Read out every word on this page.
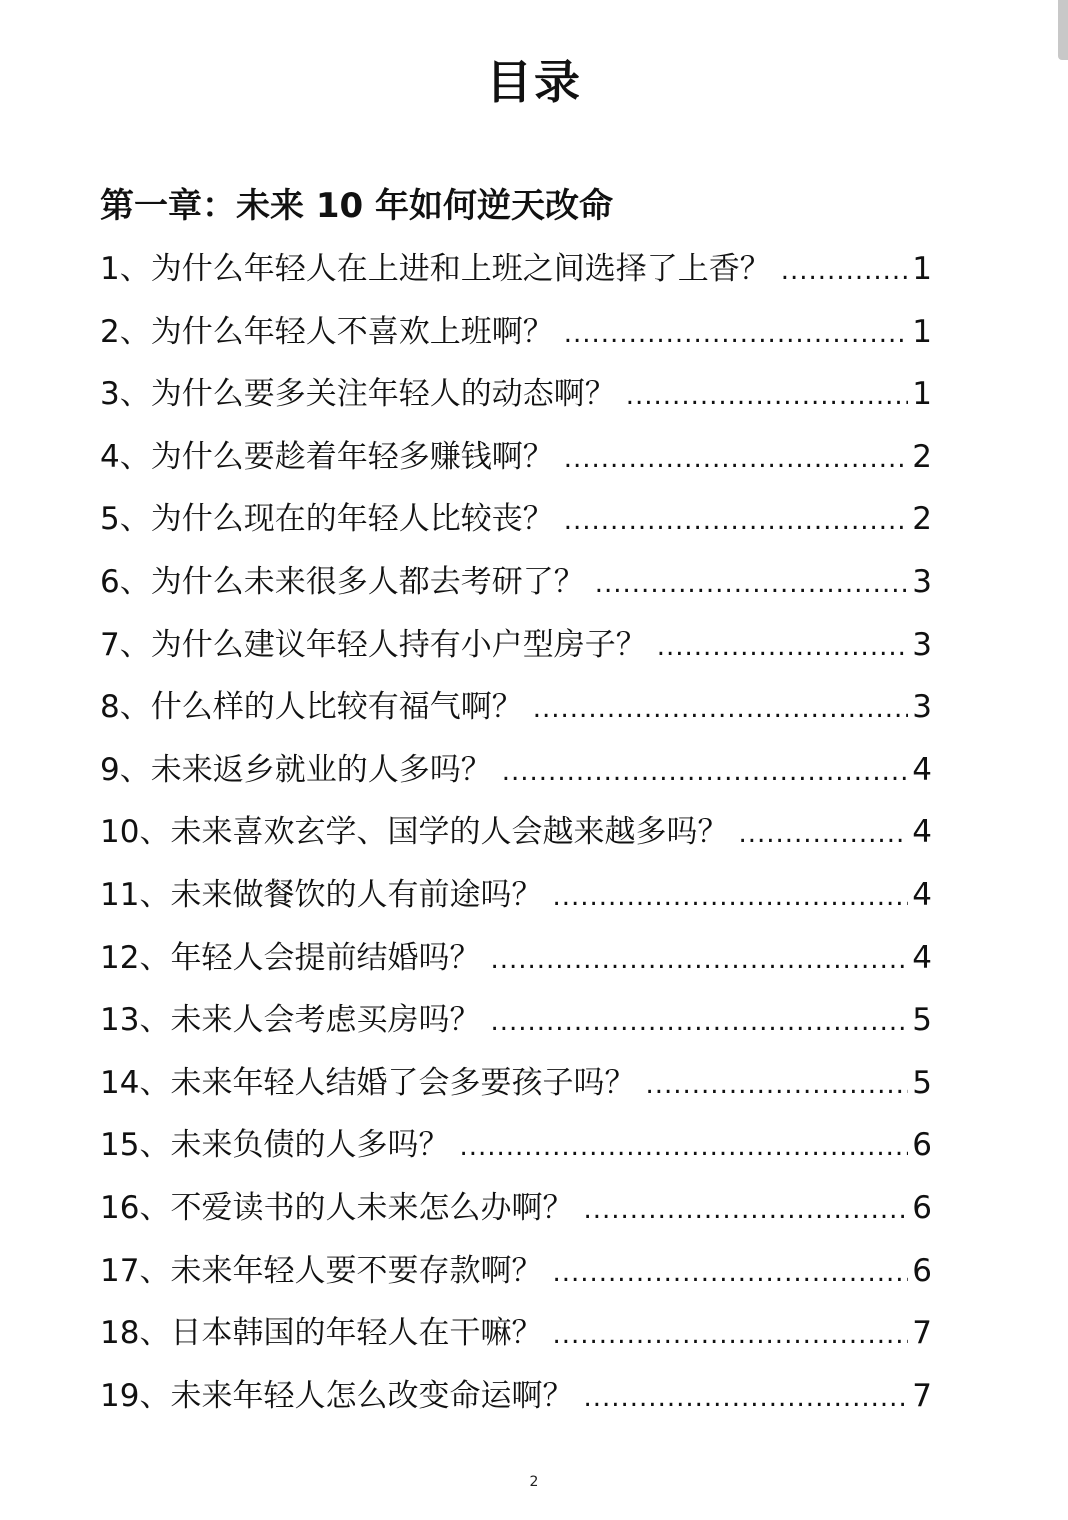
目录
第一章：未来 10 年如何逆天改命
1、为什么年轻人在上进和上班之间选择了上香？ .....	1
2、为什么年轻人不喜欢上班啊？ .....	1
3、为什么要多关注年轻人的动态啊？ .....	1
4、为什么要趁着年轻多赚钱啊？ .....	2
5、为什么现在的年轻人比较丧？ .....	2
6、为什么未来很多人都去考研了？ .....	3
7、为什么建议年轻人持有小户型房子？ .....	3
8、什么样的人比较有福气啊？ .....	3
9、未来返乡就业的人多吗？ .....	4
10、未来喜欢玄学、国学的人会越来越多吗？ .....	4
11、未来做餐饮的人有前途吗？ .....	4
12、年轻人会提前结婚吗？ .....	4
13、未来人会考虑买房吗？ .....	5
14、未来年轻人结婚了会多要孩子吗？ .....	5
15、未来负债的人多吗？ .....	6
16、不爱读书的人未来怎么办啊？ .....	6
17、未来年轻人要不要存款啊？ .....	6
18、日本韩国的年轻人在干嘛？ .....	7
19、未来年轻人怎么改变命运啊？ .....	7
2
